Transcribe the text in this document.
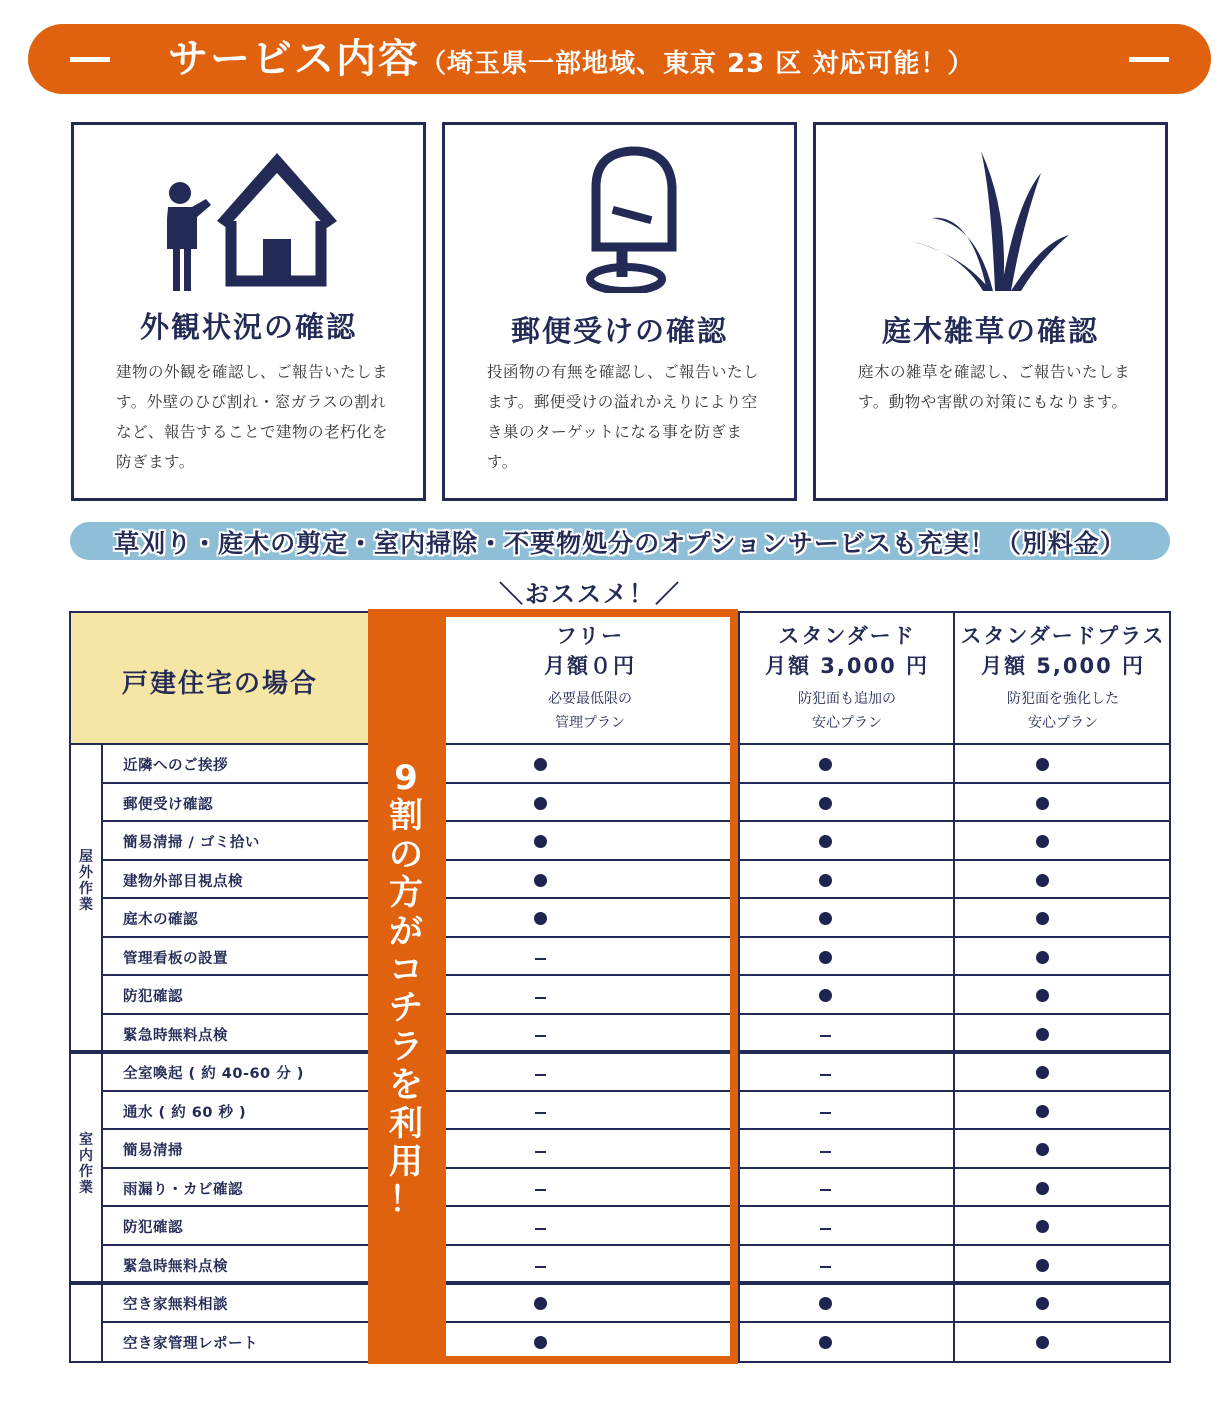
サービス内容（埼玉県一部地域、東京 23 区 対応可能！）
外観状況の確認
建物の外観を確認し、ご報告いたします。外壁のひび割れ・窓ガラスの割れなど、報告することで建物の老朽化を防ぎます。
郵便受けの確認
投函物の有無を確認し、ご報告いたします。郵便受けの溢れかえりにより空き巣のターゲットになる事を防ぎます。
庭木雑草の確認
庭木の雑草を確認し、ご報告いたします。動物や害獣の対策にもなります。
草刈り・庭木の剪定・室内掃除・不要物処分のオプションサービスも充実！（別料金）
＼おススメ！／
戸建住宅の場合
フリー
月額０円
必要最低限の
管理プラン
スタンダード
月額 3,000 円
防犯面も追加の
安心プラン
スタンダードプラス
月額 5,000 円
防犯面を強化した
安心プラン
屋
外
作
業
室
内
作
業
近隣へのご挨拶
郵便受け確認
簡易清掃 / ゴミ拾い
建物外部目視点検
庭木の確認
管理看板の設置
防犯確認
緊急時無料点検
全室喚起 ( 約 40-60 分 )
通水 ( 約 60 秒 )
簡易清掃
雨漏り・カビ確認
防犯確認
緊急時無料点検
空き家無料相談
空き家管理レポート
9
割
の
方
が
コ
チ
ラ
を
利
用
！
